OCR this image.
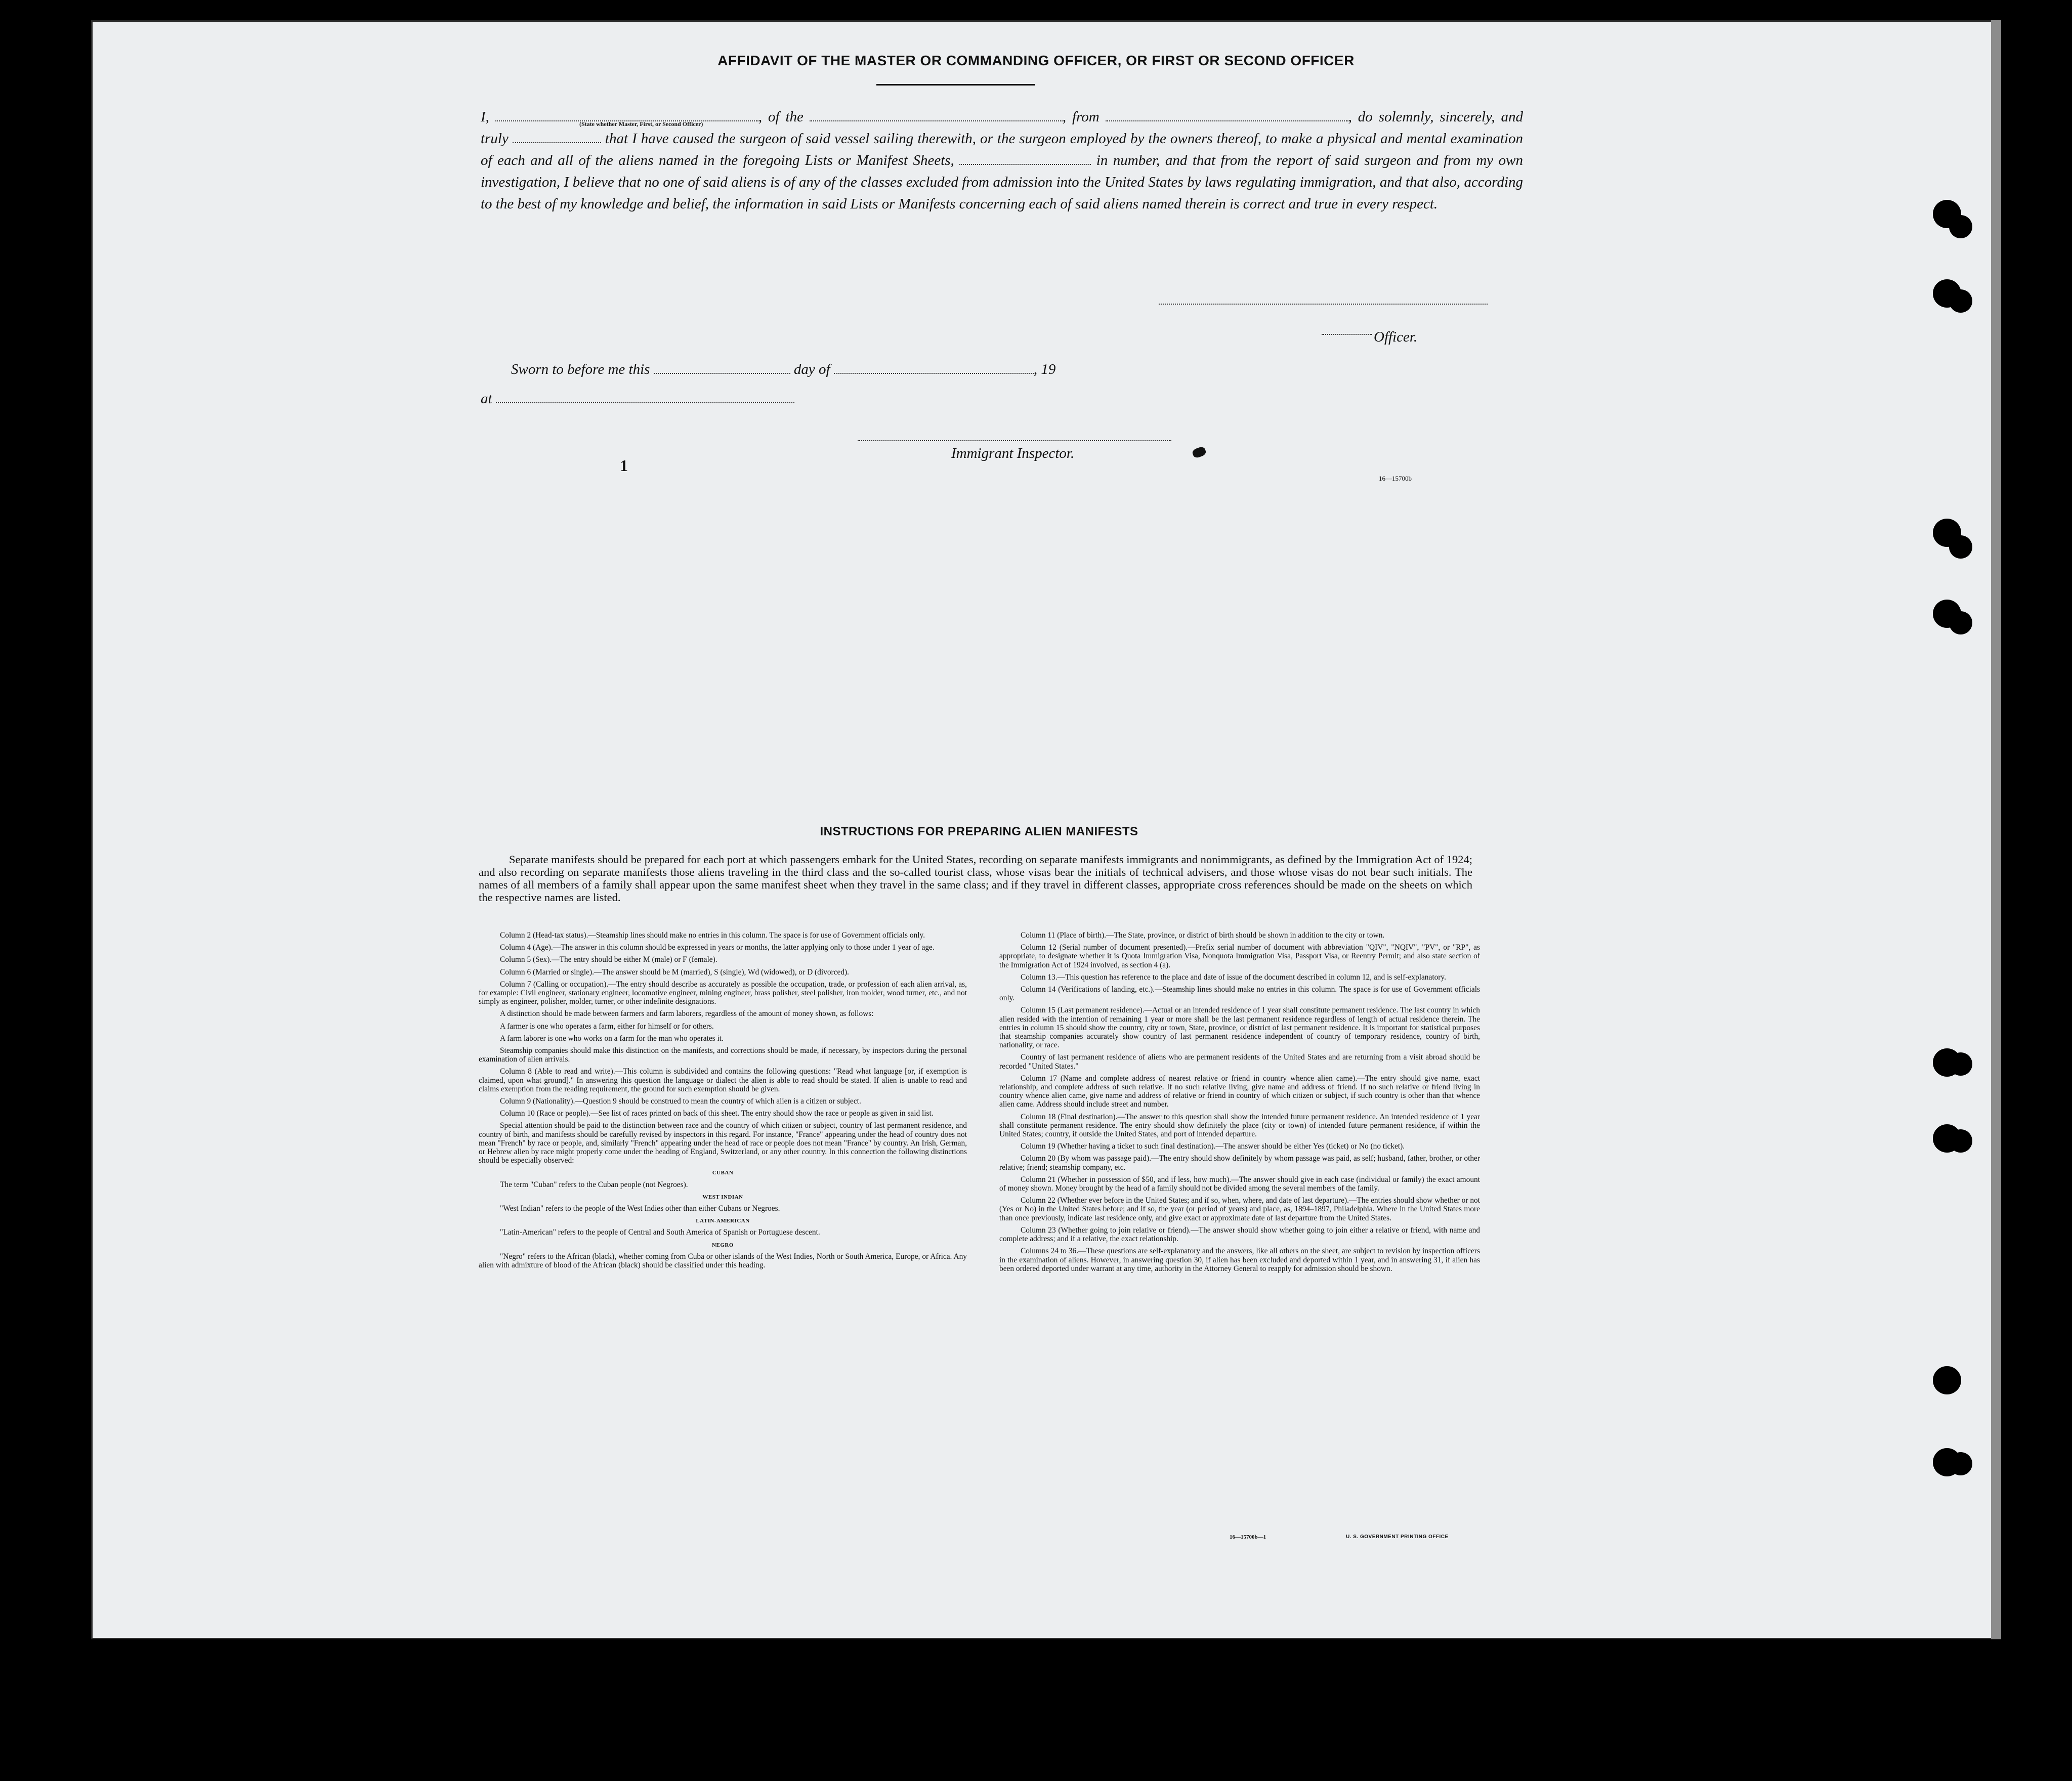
AFFIDAVIT OF THE MASTER OR COMMANDING OFFICER, OR FIRST OR SECOND OFFICER
I,	, of the	, from	, do solemnly, sincerely, and truly	that I have caused the surgeon of said vessel sailing therewith, or the surgeon employed by the owners thereof, to make a physical and mental examination of each and all of the aliens named in the foregoing Lists or Manifest Sheets,	in number, and that from the report of said surgeon and from my own investigation, I believe that no one of said aliens is of any of the classes excluded from admission into the United States by laws regulating immigration, and that also, according to the best of my knowledge and belief, the information in said Lists or Manifests concerning each of said aliens named therein is correct and true in every respect.
(State whether Master, First, or Second Officer)
Officer.
Sworn to before me this	day of	, 19
at
Immigrant Inspector.
1
16—15700b
INSTRUCTIONS FOR PREPARING ALIEN MANIFESTS
Separate manifests should be prepared for each port at which passengers embark for the United States, recording on separate manifests immigrants and nonimmigrants, as defined by the Immigration Act of 1924; and also recording on separate manifests those aliens traveling in the third class and the so-called tourist class, whose visas bear the initials of technical advisers, and those whose visas do not bear such initials. The names of all members of a family shall appear upon the same manifest sheet when they travel in the same class; and if they travel in different classes, appropriate cross references should be made on the sheets on which the respective names are listed.

Column 2 (Head-tax status).—Steamship lines should make no entries in this column. The space is for use of Government officials only.

Column 4 (Age).—The answer in this column should be expressed in years or months, the latter applying only to those under 1 year of age.

Column 5 (Sex).—The entry should be either M (male) or F (female).

Column 6 (Married or single).—The answer should be M (married), S (single), Wd (widowed), or D (divorced).

Column 7 (Calling or occupation).—The entry should describe as accurately as possible the occupation, trade, or profession of each alien arrival, as, for example: Civil engineer, stationary engineer, locomotive engineer, mining engineer, brass polisher, steel polisher, iron molder, wood turner, etc., and not simply as engineer, polisher, molder, turner, or other indefinite designations.

A distinction should be made between farmers and farm laborers, regardless of the amount of money shown, as follows:

A farmer is one who operates a farm, either for himself or for others.

A farm laborer is one who works on a farm for the man who operates it.

Steamship companies should make this distinction on the manifests, and corrections should be made, if necessary, by inspectors during the personal examination of alien arrivals.

Column 8 (Able to read and write).—This column is subdivided and contains the following questions: "Read what language [or, if exemption is claimed, upon what ground]." In answering this question the language or dialect the alien is able to read should be stated. If alien is unable to read and claims exemption from the reading requirement, the ground for such exemption should be given.

Column 9 (Nationality).—Question 9 should be construed to mean the country of which alien is a citizen or subject.

Column 10 (Race or people).—See list of races printed on back of this sheet. The entry should show the race or people as given in said list.

Special attention should be paid to the distinction between race and the country of which citizen or subject, country of last permanent residence, and country of birth, and manifests should be carefully revised by inspectors in this regard. For instance, "France" appearing under the head of country does not mean "French" by race or people, and, similarly "French" appearing under the head of race or people does not mean "France" by country. An Irish, German, or Hebrew alien by race might properly come under the heading of England, Switzerland, or any other country. In this connection the following distinctions should be especially observed:

CUBAN

The term "Cuban" refers to the Cuban people (not Negroes).

WEST INDIAN

"West Indian" refers to the people of the West Indies other than either Cubans or Negroes.

LATIN-AMERICAN

"Latin-American" refers to the people of Central and South America of Spanish or Portuguese descent.

NEGRO

"Negro" refers to the African (black), whether coming from Cuba or other islands of the West Indies, North or South America, Europe, or Africa. Any alien with admixture of blood of the African (black) should be classified under this heading.

Column 11 (Place of birth).—The State, province, or district of birth should be shown in addition to the city or town.

Column 12 (Serial number of document presented).—Prefix serial number of document with abbreviation "QIV", "NQIV", "PV", or "RP", as appropriate, to designate whether it is Quota Immigration Visa, Nonquota Immigration Visa, Passport Visa, or Reentry Permit; and also state section of the Immigration Act of 1924 involved, as section 4 (a).

Column 13.—This question has reference to the place and date of issue of the document described in column 12, and is self-explanatory.

Column 14 (Verifications of landing, etc.).—Steamship lines should make no entries in this column. The space is for use of Government officials only.

Column 15 (Last permanent residence).—Actual or an intended residence of 1 year shall constitute permanent residence. The last country in which alien resided with the intention of remaining 1 year or more shall be the last permanent residence regardless of length of actual residence therein. The entries in column 15 should show the country, city or town, State, province, or district of last permanent residence. It is important for statistical purposes that steamship companies accurately show country of last permanent residence independent of country of temporary residence, country of birth, nationality, or race.

Country of last permanent residence of aliens who are permanent residents of the United States and are returning from a visit abroad should be recorded "United States."

Column 17 (Name and complete address of nearest relative or friend in country whence alien came).—The entry should give name, exact relationship, and complete address of such relative. If no such relative living, give name and address of friend. If no such relative or friend living in country whence alien came, give name and address of relative or friend in country of which citizen or subject, if such country is other than that whence alien came. Address should include street and number.

Column 18 (Final destination).—The answer to this question shall show the intended future permanent residence. An intended residence of 1 year shall constitute permanent residence. The entry should show definitely the place (city or town) of intended future permanent residence, if within the United States; country, if outside the United States, and port of intended departure.

Column 19 (Whether having a ticket to such final destination).—The answer should be either Yes (ticket) or No (no ticket).

Column 20 (By whom was passage paid).—The entry should show definitely by whom passage was paid, as self; husband, father, brother, or other relative; friend; steamship company, etc.

Column 21 (Whether in possession of $50, and if less, how much).—The answer should give in each case (individual or family) the exact amount of money shown. Money brought by the head of a family should not be divided among the several members of the family.

Column 22 (Whether ever before in the United States; and if so, when, where, and date of last departure).—The entries should show whether or not (Yes or No) in the United States before; and if so, the year (or period of years) and place, as, 1894–1897, Philadelphia. Where in the United States more than once previously, indicate last residence only, and give exact or approximate date of last departure from the United States.

Column 23 (Whether going to join relative or friend).—The answer should show whether going to join either a relative or friend, with name and complete address; and if a relative, the exact relationship.

Columns 24 to 36.—These questions are self-explanatory and the answers, like all others on the sheet, are subject to revision by inspection officers in the examination of aliens. However, in answering question 30, if alien has been excluded and deported within 1 year, and in answering 31, if alien has been ordered deported under warrant at any time, authority in the Attorney General to reapply for admission should be shown.

16—15700b—1	U. S. GOVERNMENT PRINTING OFFICE
